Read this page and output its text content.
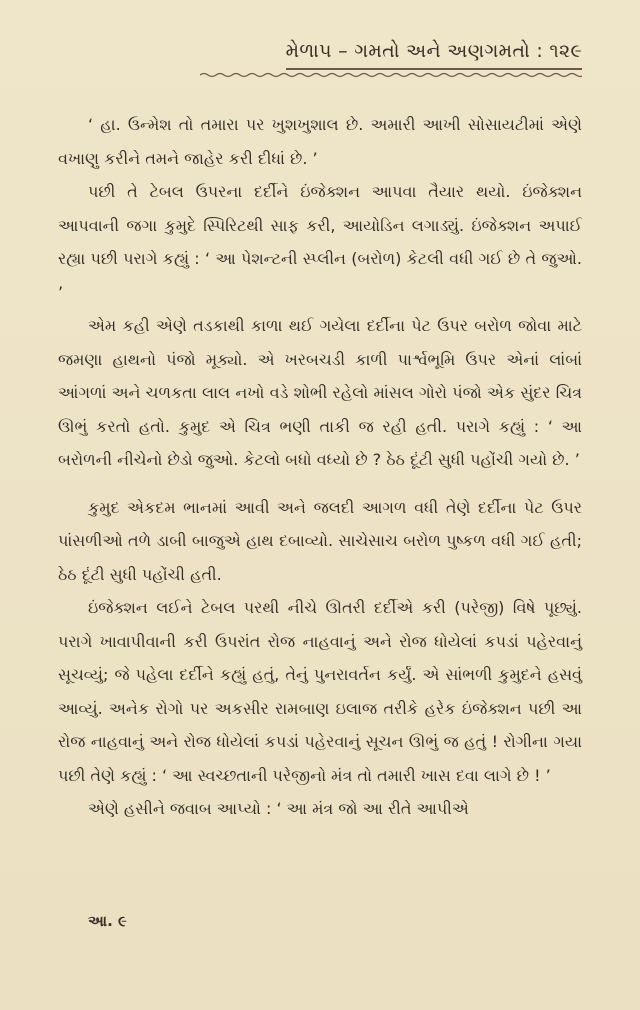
મેળાપ – ગમતો અને અણગમતો : ૧૨૯

‘ હા. ઉન્મેશ તો તમારા પર ખુશખુશાલ છે. અમારી આખી સોસાયટીમાં એણે વખાણુ કરીને તમને જાહેર કરી દીધાં છે. ’

પછી તે ટેબલ ઉપરના દર્દીને ઇંજેક્શન આપવા તૈયાર થયો. ઇંજેક્શન આપવાની જગા કુમુદે સ્પિરિટથી સાફ કરી, આયોડિન લગાડ્યું. ઇંજેક્શન અપાઈ રહ્યા પછી પરાગે કહ્યું : ‘ આ પેશન્ટની સ્પ્લીન (બરોળ) કેટલી વધી ગઈ છે તે જુઓ. ’

એમ કહી એણે તડકાથી કાળા થઈ ગયેલા દર્દીના પેટ ઉપર બરોળ જોવા માટે જમણા હાથનો પંજો મૂક્યો. એ ખરબચડી કાળી પાર્શ્વભૂમિ ઉપર એનાં લાંબાં આંગળાં અને ચળકતા લાલ નખો વડે શોભી રહેલો માંસલ ગોરો પંજો એક સુંદર ચિત્ર ઊભું કરતો હતો. કુમુદ એ ચિત્ર ભણી તાકી જ રહી હતી. પરાગે કહ્યું : ‘ આ બરોળની નીચેનો છેડો જુઓ. કેટલો બધો વધ્યો છે ? ઠેઠ દૂંટી સુધી પહોંચી ગયો છે. ’

કુમુદ એકદમ ભાનમાં આવી અને જલદી આગળ વધી તેણે દર્દીના પેટ ઉપર પાંસળીઓ તળે ડાબી બાજુએ હાથ દબાવ્યો. સાચેસાચ બરોળ પુષ્કળ વધી ગઈ હતી; ઠેઠ દૂંટી સુધી પહોંચી હતી.

ઇંજેક્શન લઈને ટેબલ પરથી નીચે ઊતરી દર્દીએ કરી (પરેજી) વિષે પૂછ્યું. પરાગે ખાવાપીવાની કરી ઉપરાંત રોજ નાહવાનું અને રોજ ધોયેલાં કપડાં પહેરવાનું સૂચવ્યું; જે પહેલા દર્દીને કહ્યું હતું, તેનું પુનરાવર્તન કર્યું. એ સાંભળી કુમુદને હસવું આવ્યું. અનેક રોગો પર અકસીર રામબાણ ઇલાજ તરીકે હરેક ઇંજેક્શન પછી આ રોજ નાહવાનું અને રોજ ધોયેલાં કપડાં પહેરવાનું સૂચન ઊભું જ હતું ! રોગીના ગયા પછી તેણે કહ્યું : ‘ આ સ્વચ્છતાની પરેજીનો મંત્ર તો તમારી ખાસ દવા લાગે છે ! ’

એણે હસીને જવાબ આપ્યો : ‘ આ મંત્ર જો આ રીતે આપીએ

આ. ૯
